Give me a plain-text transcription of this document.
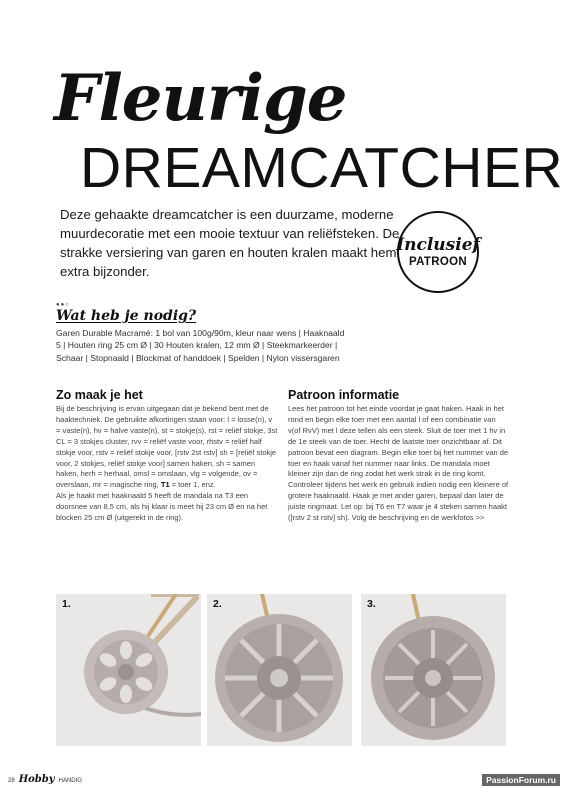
Fleurige
DREAMCATCHER

Deze gehaakte dreamcatcher is een duurzame, moderne muurdecoratie met een mooie textuur van reliëfsteken. De strakke versiering van garen en houten kralen maakt hem extra bijzonder.

Inclusief
PATROON
●●○
Wat heb je nodig?

Garen Durable Macramé: 1 bol van 100g/90m, kleur naar wens | Haaknaald 5 | Houten ring 25 cm Ø | 30 Houten kralen, 12 mm Ø | Steekmarkeerder | Schaar | Stopnaald | Blockmat of handdoek | Spelden | Nylon vissersgaren

Zo maak je het
Bij de beschrijving is ervan uitgegaan dat je bekend bent met de haaktechniek. De gebruikte afkortingen staan voor: l = losse(n), v = vaste(n), hv = halve vaste(n), st = stokje(s), rst = reliëf stokje, 3st CL = 3 stokjes cluster, rvv = reliëf vaste voor, rhstv = reliëf half stokje voor, rstv = reliëf stokje voor, [rstv 2st rstv] sh = [reliëf stokje voor, 2 stokjes, reliëf stokje voor] samen haken, sh = samen haken, herh = herhaal, omsl = omslaan, vlg = volgende, ov = overslaan, mr = magische ring, T1 = toer 1, enz.
Als je haakt met haaknaald 5 heeft de mandala na T3 een doorsnee van 8,5 cm, als hij klaar is meet hij 23 cm Ø en na het blocken 25 cm Ø (uitgerekt in de ring).
Patroon informatie
Lees het patroon tot het einde voordat je gaat haken. Haak in het rond en begin elke toer met een aantal l of een combinatie van v(of RvV) met l deze tellen als een steek. Sluit de toer met 1 hv in de 1e steek van de toer. Hecht de laatste toer onzichtbaar af. Dit patroon bevat een diagram. Begin elke toer bij het nummer van de toer en haak vanaf het nummer naar links. De mandala moet kleiner zijn dan de ring zodat het werk strak in de ring komt. Controleer tijdens het werk en gebruik indien nodig een kleinere of grotere haaknaald. Haak je met ander garen, bepaal dan later de juiste ringmaat. Let op: bij T6 en T7 waar je 4 steken samen haakt ([rstv 2 st rstv] sh). Volg de beschrijving en de werkfotos >>
1.	2.	3.
28 Hobby HANDIG	PassionForum.ru
